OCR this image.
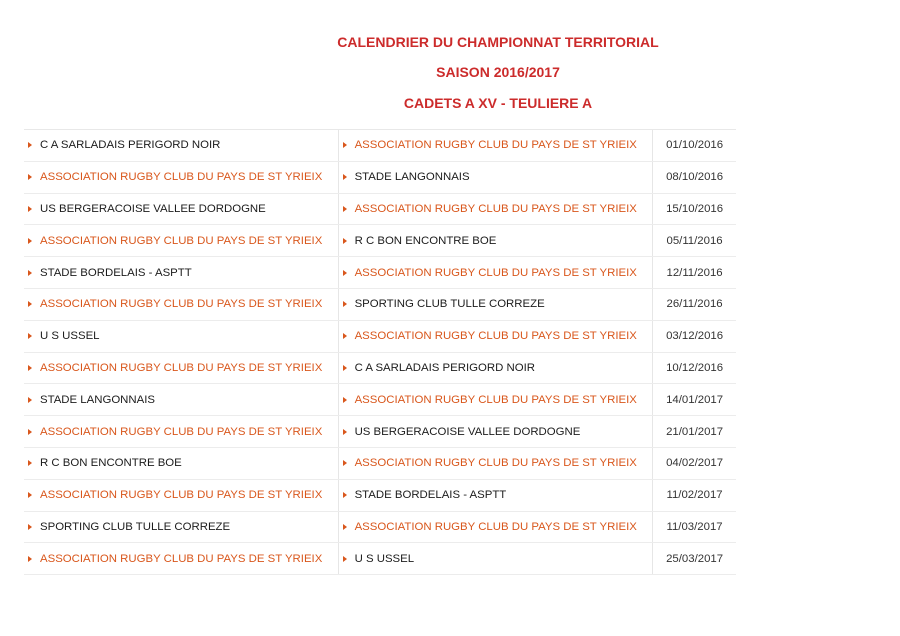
CALENDRIER DU CHAMPIONNAT TERRITORIAL
SAISON 2016/2017
CADETS A XV - TEULIERE A
C A SARLADAIS PERIGORD NOIR	ASSOCIATION RUGBY CLUB DU PAYS DE ST YRIEIX	01/10/2016
ASSOCIATION RUGBY CLUB DU PAYS DE ST YRIEIX	STADE LANGONNAIS	08/10/2016
US BERGERACOISE VALLEE DORDOGNE	ASSOCIATION RUGBY CLUB DU PAYS DE ST YRIEIX	15/10/2016
ASSOCIATION RUGBY CLUB DU PAYS DE ST YRIEIX	R C BON ENCONTRE BOE	05/11/2016
STADE BORDELAIS - ASPTT	ASSOCIATION RUGBY CLUB DU PAYS DE ST YRIEIX	12/11/2016
ASSOCIATION RUGBY CLUB DU PAYS DE ST YRIEIX	SPORTING CLUB TULLE CORREZE	26/11/2016
U S USSEL	ASSOCIATION RUGBY CLUB DU PAYS DE ST YRIEIX	03/12/2016
ASSOCIATION RUGBY CLUB DU PAYS DE ST YRIEIX	C A SARLADAIS PERIGORD NOIR	10/12/2016
STADE LANGONNAIS	ASSOCIATION RUGBY CLUB DU PAYS DE ST YRIEIX	14/01/2017
ASSOCIATION RUGBY CLUB DU PAYS DE ST YRIEIX	US BERGERACOISE VALLEE DORDOGNE	21/01/2017
R C BON ENCONTRE BOE	ASSOCIATION RUGBY CLUB DU PAYS DE ST YRIEIX	04/02/2017
ASSOCIATION RUGBY CLUB DU PAYS DE ST YRIEIX	STADE BORDELAIS - ASPTT	11/02/2017
SPORTING CLUB TULLE CORREZE	ASSOCIATION RUGBY CLUB DU PAYS DE ST YRIEIX	11/03/2017
ASSOCIATION RUGBY CLUB DU PAYS DE ST YRIEIX	U S USSEL	25/03/2017
